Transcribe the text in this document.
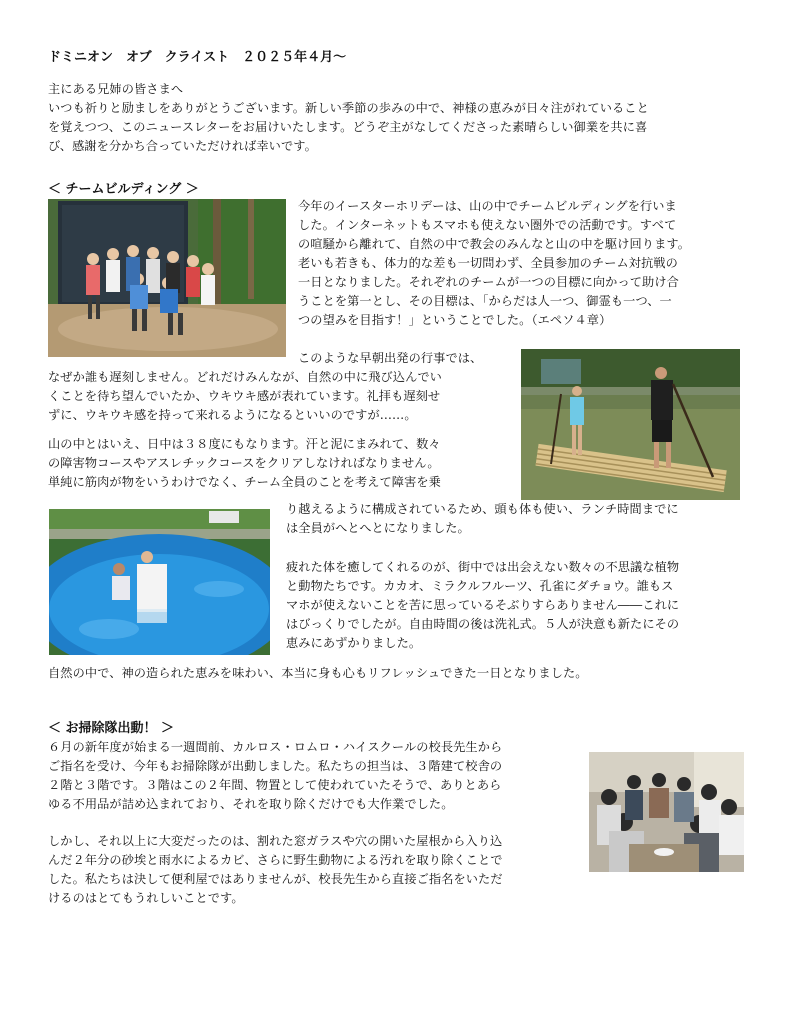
ドミニオン　オブ　クライスト　２０２５年４月～
主にある兄姉の皆さまへ
いつも祈りと励ましをありがとうございます。新しい季節の歩みの中で、神様の恵みが日々注がれていること
を覚えつつ、このニュースレターをお届けいたします。どうぞ主がなしてくださった素晴らしい御業を共に喜
び、感謝を分かち合っていただければ幸いです。
＜ チームビルディング ＞
今年のイースターホリデーは、山の中でチームビルディングを行いま
した。インターネットもスマホも使えない圏外での活動です。すべて
の喧騒から離れて、自然の中で教会のみんなと山の中を駆け回ります。
老いも若きも、体力的な差も一切問わず、全員参加のチーム対抗戦の
一日となりました。それぞれのチームが一つの目標に向かって助け合
うことを第一とし、その目標は、「からだは人一つ、御霊も一つ、一
つの望みを目指す！」ということでした。（エペソ４章）
このような早朝出発の行事では、
なぜか誰も遅刻しません。どれだけみんなが、自然の中に飛び込んでい
くことを待ち望んでいたか、ウキウキ感が表れています。礼拝も遅刻せ
ずに、ウキウキ感を持って来れるようになるといいのですが……。
山の中とはいえ、日中は３８度にもなります。汗と泥にまみれて、数々
の障害物コースやアスレチックコースをクリアしなければなりません。
単純に筋肉が物をいうわけでなく、チーム全員のことを考えて障害を乗
り越えるように構成されているため、頭も体も使い、ランチ時間までに
は全員がへとへとになりました。
疲れた体を癒してくれるのが、街中では出会えない数々の不思議な植物
と動物たちです。カカオ、ミラクルフルーツ、孔雀にダチョウ。誰もス
マホが使えないことを苦に思っているそぶりすらありません――これに
はびっくりでしたが。自由時間の後は洗礼式。５人が決意も新たにその
恵みにあずかりました。
自然の中で、神の造られた恵みを味わい、本当に身も心もリフレッシュできた一日となりました。
＜ お掃除隊出動！ ＞
６月の新年度が始まる一週間前、カルロス・ロムロ・ハイスクールの校長先生から
ご指名を受け、今年もお掃除隊が出動しました。私たちの担当は、３階建て校舎の
２階と３階です。３階はこの２年間、物置として使われていたそうで、ありとあら
ゆる不用品が詰め込まれており、それを取り除くだけでも大作業でした。
しかし、それ以上に大変だったのは、割れた窓ガラスや穴の開いた屋根から入り込
んだ２年分の砂埃と雨水によるカビ、さらに野生動物による汚れを取り除くことで
した。私たちは決して便利屋ではありませんが、校長先生から直接ご指名をいただ
けるのはとてもうれしいことです。
